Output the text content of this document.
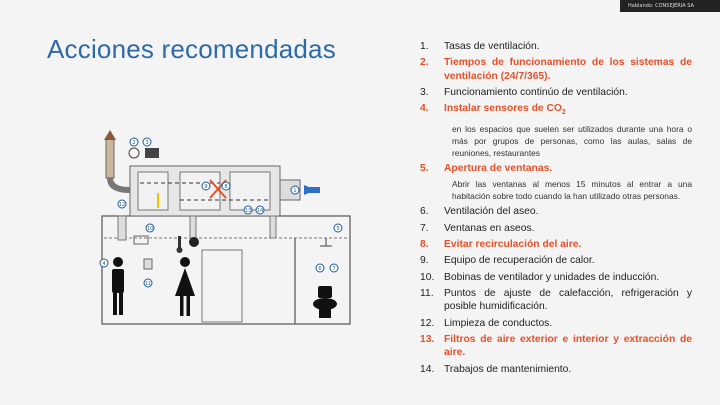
Hablando: CONSEJERIA SA
Acciones recomendadas
2 3
9	8
1
12
13 14
10	5
4
11
6 7
1.	Tasas de ventilación.
2.	Tiempos de funcionamiento de los sistemas de ventilación (24/7/365).
3.	Funcionamiento continúo de ventilación.
4.	Instalar sensores de $CO_2$
en los espacios que suelen ser utilizados durante una hora o más por grupos de personas, como las aulas, salas de reuniones, restaurantes
5.	Apertura de ventanas.
Abrir las ventanas al menos 15 minutos al entrar a una habitación sobre todo cuando la han utilizado otras personas.
6.	Ventilación del aseo.
7.	Ventanas en aseos.
8.	Evitar recirculación del aire.
9.	Equipo de recuperación de calor.
10. Bobinas de ventilador y unidades de inducción.
11.	Puntos de ajuste de calefacción, refrigeración y posible humidificación.
12. Limpieza de conductos.
13. Filtros de aire exterior e interior y extracción de aire.
14. Trabajos de mantenimiento.
